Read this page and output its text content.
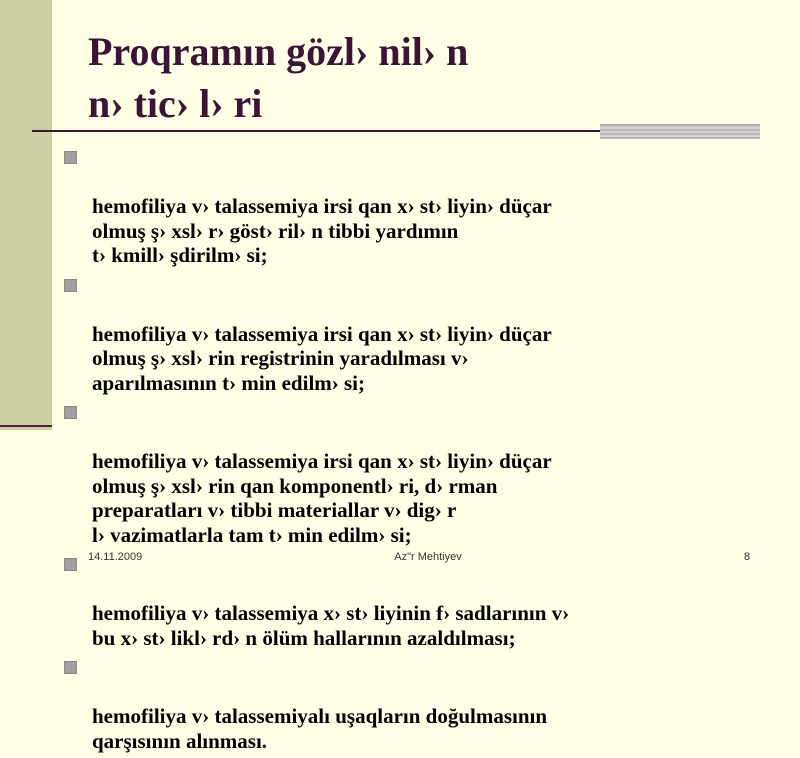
Proqramın gözl› nil› n
n› tic› l› ri

hemofiliya v› talassemiya irsi qan x› st› liyin› düçar
olmuş ş› xsl› r› göst› ril› n tibbi yardımın
t› kmill› şdirilm› si;

hemofiliya v› talassemiya irsi qan x› st› liyin› düçar
olmuş ş› xsl› rin registrinin yaradılması v›
aparılmasının t› min edilm› si;

hemofiliya v› talassemiya irsi qan x› st› liyin› düçar
olmuş ş› xsl› rin qan komponentl› ri, d› rman
preparatları v› tibbi materiallar v› dig› r
l› vazimatlarla tam t› min edilm› si;

hemofiliya v› talassemiya x› st› liyinin f› sadlarının v›
bu x› st› likl› rd› n ölüm hallarının azaldılması;

hemofiliya v› talassemiyalı uşaqların doğulmasının
qarşısının alınması.

14.11.2009	Az"r Mehtiyev	8
